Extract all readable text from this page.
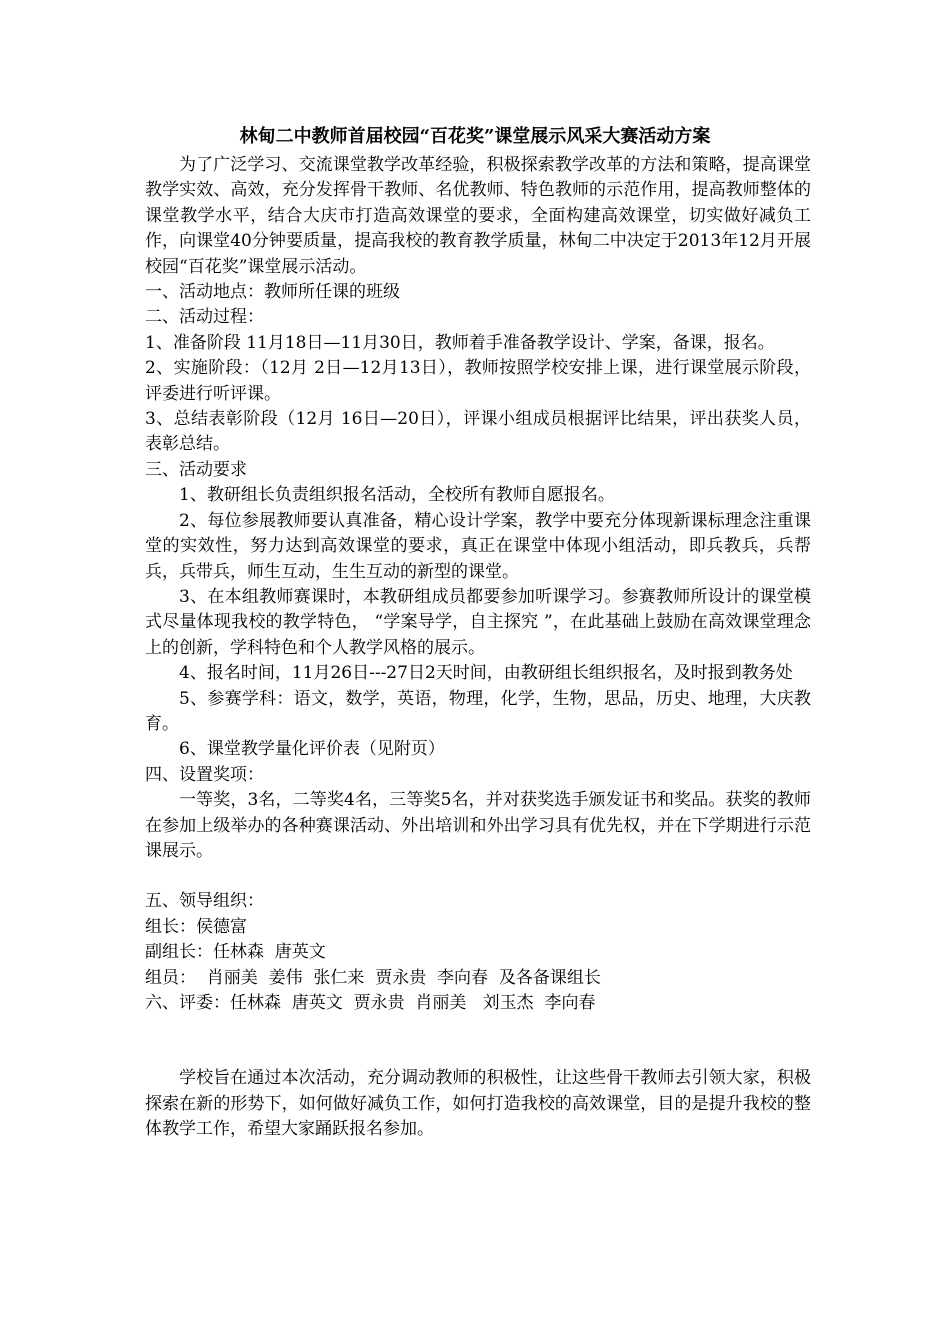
林甸二中教师首届校园“百花奖”课堂展示风采大赛活动方案

为了广泛学习、交流课堂教学改革经验，积极探索教学改革的方法和策略，提高课堂教学实效、高效，充分发挥骨干教师、名优教师、特色教师的示范作用，提高教师整体的课堂教学水平，结合大庆市打造高效课堂的要求，全面构建高效课堂，切实做好减负工作，向课堂40分钟要质量，提高我校的教育教学质量，林甸二中决定于2013年12月开展 校园“百花奖”课堂展示活动。

一、活动地点：教师所任课的班级

二、活动过程：

1、准备阶段 11月18日—11月30日，教师着手准备教学设计、学案，备课，报名。

2、实施阶段：（12月 2日—12月13日），教师按照学校安排上课，进行课堂展示阶段，评委进行听评课。

3、总结表彰阶段（12月 16日—20日），评课小组成员根据评比结果，评出获奖人员，表彰总结。

三、活动要求

1、教研组长负责组织报名活动，全校所有教师自愿报名。

2、每位参展教师要认真准备，精心设计学案，教学中要充分体现新课标理念注重课堂的实效性，努力达到高效课堂的要求，真正在课堂中体现小组活动，即兵教兵，兵帮兵，兵带兵，师生互动，生生互动的新型的课堂。

3、在本组教师赛课时，本教研组成员都要参加听课学习。参赛教师所设计的课堂模式尽量体现我校的教学特色， “学案导学，自主探究 ”，在此基础上鼓励在高效课堂理念上的创新，学科特色和个人教学风格的展示。

4、报名时间，11月26日---27日2天时间，由教研组长组织报名，及时报到教务处

5、参赛学科：语文，数学，英语，物理，化学，生物，思品，历史、地理，大庆教育。

6、课堂教学量化评价表（见附页）

四、设置奖项：

一等奖，3名，二等奖4名，三等奖5名，并对获奖选手颁发证书和奖品。获奖的教师在参加上级举办的各种赛课活动、外出培训和外出学习具有优先权，并在下学期进行示范课展示。

五、领导组织：

组长：侯德富

副组长：任林森  唐英文

组员：  肖丽美  姜伟  张仁来  贾永贵  李向春  及各备课组长

六、评委：任林森  唐英文  贾永贵  肖丽美   刘玉杰  李向春

学校旨在通过本次活动，充分调动教师的积极性，让这些骨干教师去引领大家，积极探索在新的形势下，如何做好减负工作，如何打造我校的高效课堂，目的是提升我校的整体教学工作，希望大家踊跃报名参加。
